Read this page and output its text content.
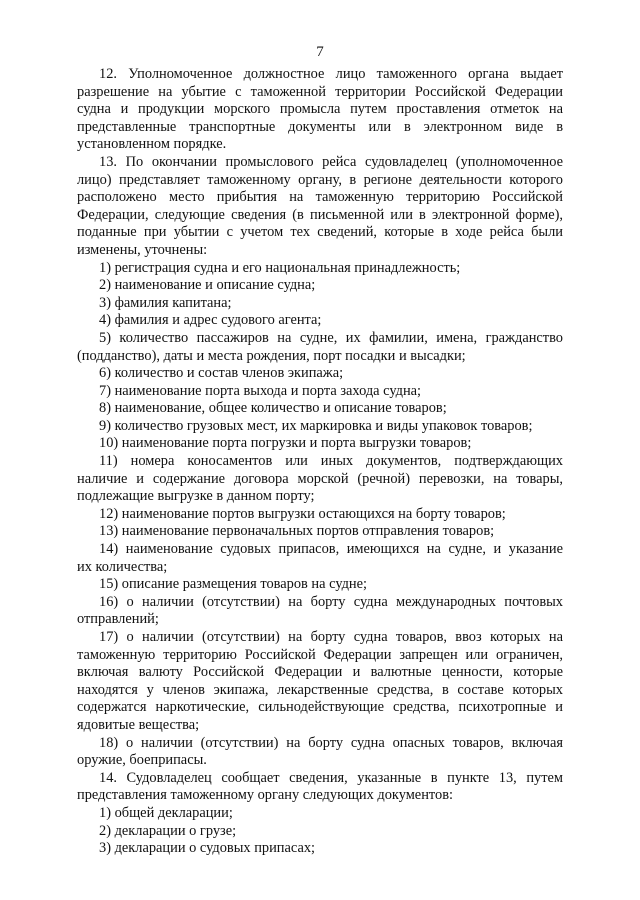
7
12. Уполномоченное должностное лицо таможенного органа выдает
разрешение на убытие с таможенной территории Российской Федерации
судна и продукции морского промысла путем проставления отметок на
представленные транспортные документы или в электронном виде в
установленном порядке.
13. По окончании промыслового рейса судовладелец (уполномоченное
лицо) представляет таможенному органу, в регионе деятельности которого
расположено место прибытия на таможенную территорию Российской
Федерации, следующие сведения (в письменной или в электронной форме),
поданные при убытии с учетом тех сведений, которые в ходе рейса были
изменены, уточнены:
1) регистрация судна и его национальная принадлежность;
2) наименование и описание судна;
3) фамилия капитана;
4) фамилия и адрес судового агента;
5) количество пассажиров на судне, их фамилии, имена, гражданство
(подданство), даты и места рождения, порт посадки и высадки;
6) количество и состав членов экипажа;
7) наименование порта выхода и порта захода судна;
8) наименование, общее количество и описание товаров;
9) количество грузовых мест, их маркировка и виды упаковок товаров;
10) наименование порта погрузки и порта выгрузки товаров;
11) номера коносаментов или иных документов, подтверждающих
наличие и содержание договора морской (речной) перевозки, на товары,
подлежащие выгрузке в данном порту;
12) наименование портов выгрузки остающихся на борту товаров;
13) наименование первоначальных портов отправления товаров;
14) наименование судовых припасов, имеющихся на судне, и указание
их количества;
15) описание размещения товаров на судне;
16) о наличии (отсутствии) на борту судна международных почтовых
отправлений;
17) о наличии (отсутствии) на борту судна товаров, ввоз которых на
таможенную территорию Российской Федерации запрещен или ограничен,
включая валюту Российской Федерации и валютные ценности, которые
находятся у членов экипажа, лекарственные средства, в составе которых
содержатся наркотические, сильнодействующие средства, психотропные и
ядовитые вещества;
18) о наличии (отсутствии) на борту судна опасных товаров, включая
оружие, боеприпасы.
14. Судовладелец сообщает сведения, указанные в пункте 13, путем
представления таможенному органу следующих документов:
1) общей декларации;
2) декларации о грузе;
3) декларации о судовых припасах;
